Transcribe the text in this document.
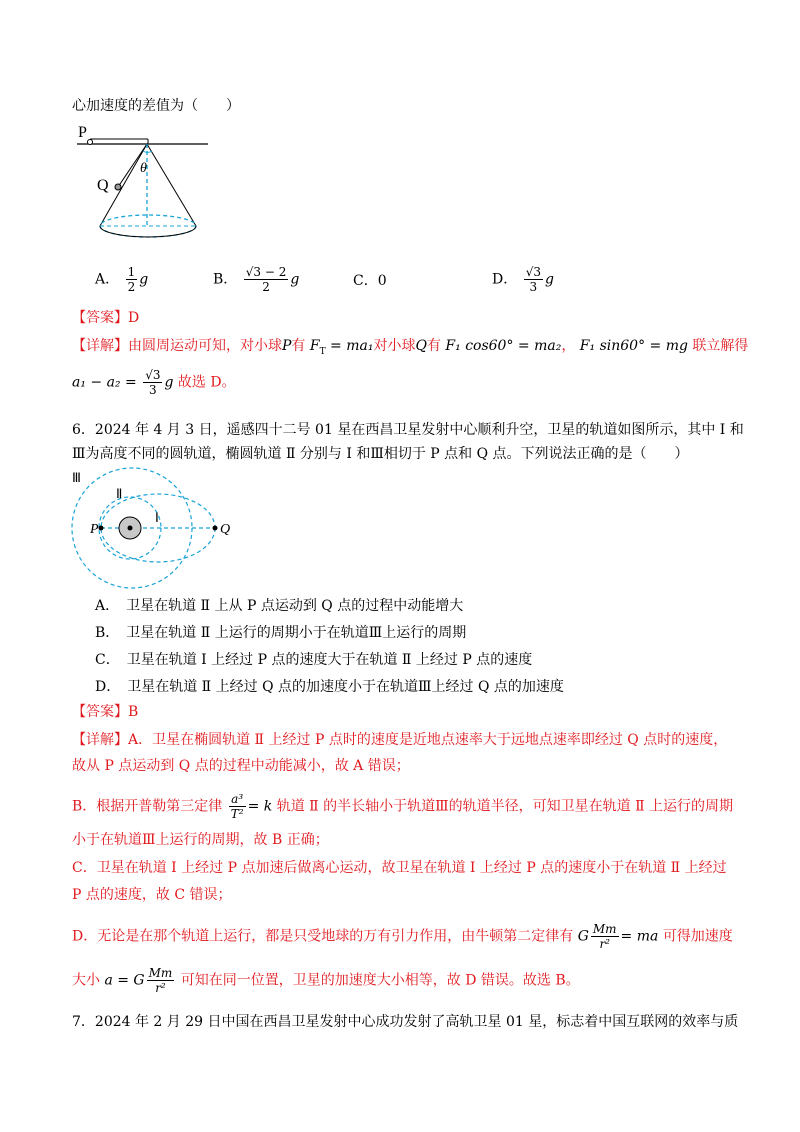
心加速度的差值为（　　）
P
Q
θ
A． $\frac{1}{2}$ g	B． $\frac{√3 - 2}{2}$ g	C．0	D． $\frac{√3}{3}$ g
【答案】D
【详解】由圆周运动可知，对小球P有 $F_T = ma_1$对小球Q有 F₁ cos60° = ma₂， F₁ sin60° = mg 联立解得
$a_1 - a_2 = \frac{√3}{3}$ g 故选 D。
6．2024 年 4 月 3 日，遥感四十二号 01 星在西昌卫星发射中心顺利升空，卫星的轨道如图所示，其中 Ⅰ 和
Ⅲ为高度不同的圆轨道，椭圆轨道 Ⅱ 分别与 Ⅰ 和Ⅲ相切于 P 点和 Q 点。下列说法正确的是（　　）
Ⅲ
Ⅱ
Ⅰ
P	Q
A．　卫星在轨道 Ⅱ 上从 P 点运动到 Q 点的过程中动能增大
B．　卫星在轨道 Ⅱ 上运行的周期小于在轨道Ⅲ上运行的周期
C．　卫星在轨道 Ⅰ 上经过 P 点的速度大于在轨道 Ⅱ 上经过 P 点的速度
D．　卫星在轨道 Ⅱ 上经过 Q 点的加速度小于在轨道Ⅲ上经过 Q 点的加速度
【答案】B
【详解】A．卫星在椭圆轨道 Ⅱ 上经过 P 点时的速度是近地点速率大于远地点速率即经过 Q 点时的速度，
故从 P 点运动到 Q 点的过程中动能减小，故 A 错误；
B．根据开普勒第三定律 $\frac{\text{a³}}{\text{T²}} = k$ 轨道 Ⅱ 的半长轴小于轨道Ⅲ的轨道半径，可知卫星在轨道 Ⅱ 上运行的周期
小于在轨道Ⅲ上运行的周期，故 B 正确；
C．卫星在轨道 Ⅰ 上经过 P 点加速后做离心运动，故卫星在轨道 Ⅰ 上经过 P 点的速度小于在轨道 Ⅱ 上经过
P 点的速度，故 C 错误；
D．无论是在那个轨道上运行，都是只受地球的万有引力作用，由牛顿第二定律有 G $\frac{Mm}{\text{r²}}$ = ma 可得加速度
大小 a = G $\frac{Mm}{\text{r²}}$ 可知在同一位置，卫星的加速度大小相等，故 D 错误。故选 B。
7．2024 年 2 月 29 日中国在西昌卫星发射中心成功发射了高轨卫星 01 星，标志着中国互联网的效率与质
